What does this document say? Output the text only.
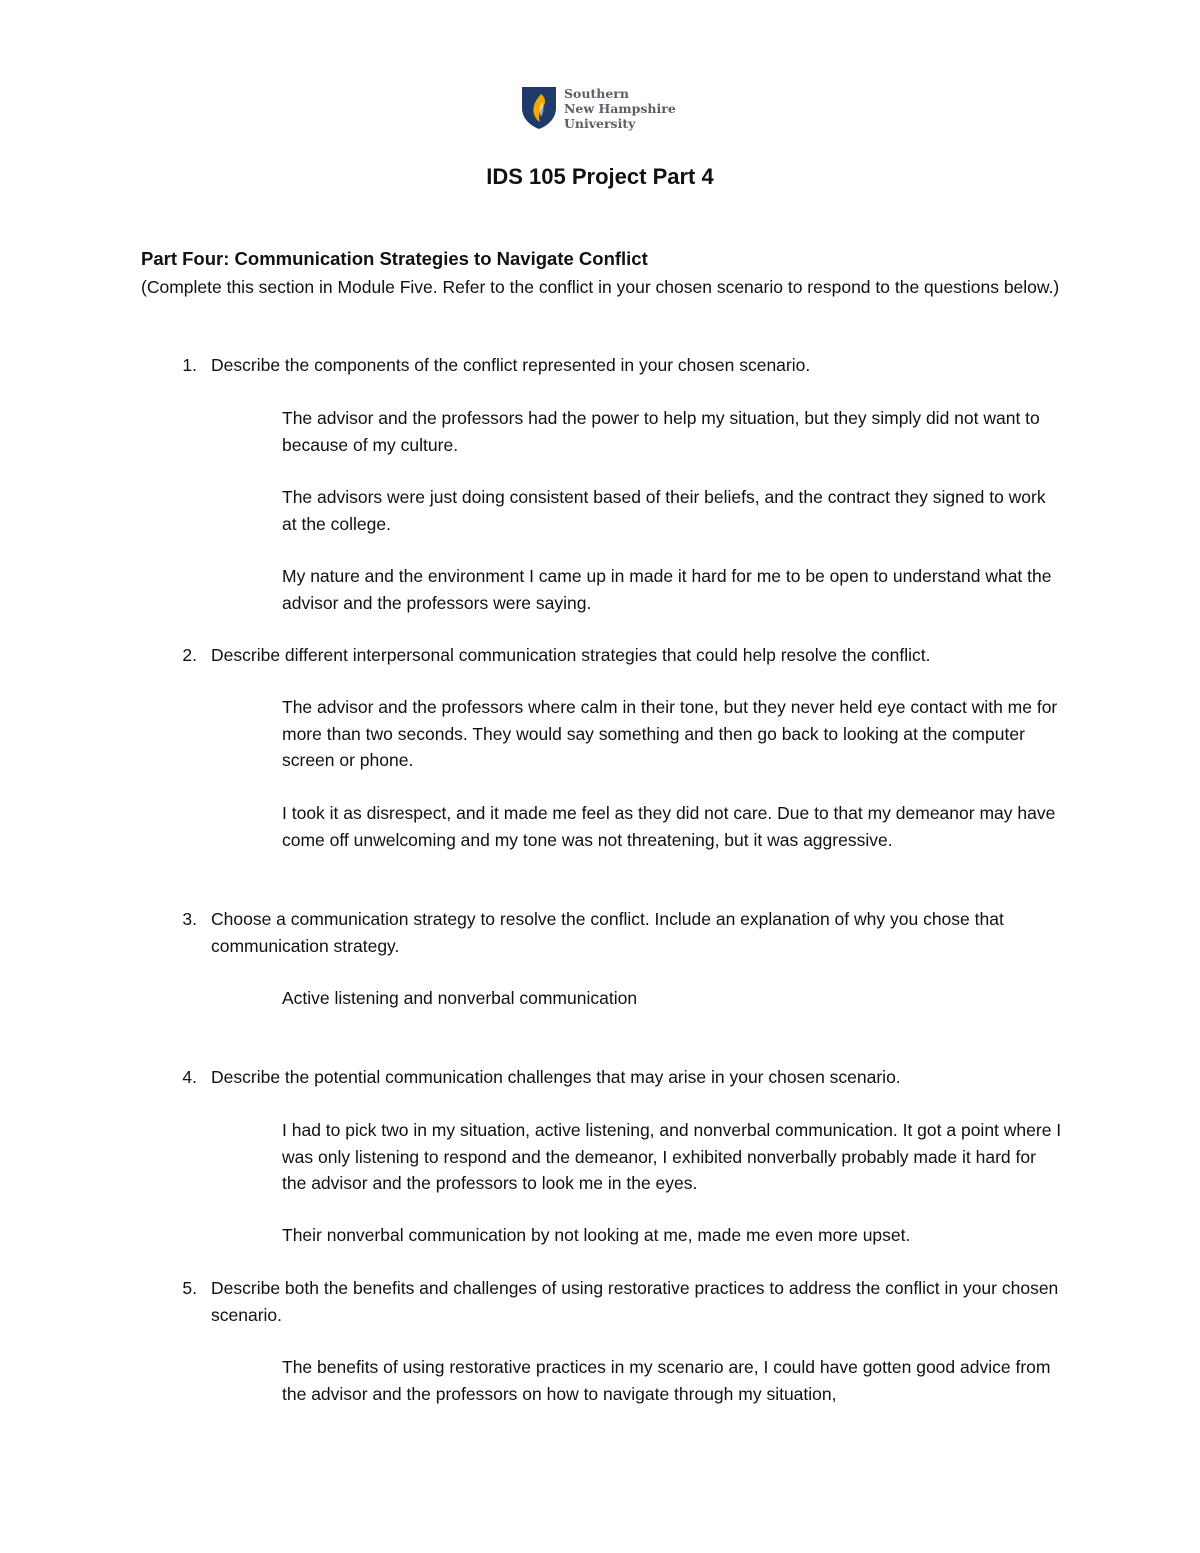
Southern
New Hampshire
University
IDS 105 Project Part 4
Part Four: Communication Strategies to Navigate Conflict
(Complete this section in Module Five. Refer to the conflict in your chosen scenario to respond to the questions below.)
1. Describe the components of the conflict represented in your chosen scenario.
The advisor and the professors had the power to help my situation, but they simply did not want to because of my culture.
The advisors were just doing consistent based of their beliefs, and the contract they signed to work at the college.
My nature and the environment I came up in made it hard for me to be open to understand what the advisor and the professors were saying.
2. Describe different interpersonal communication strategies that could help resolve the conflict.
The advisor and the professors where calm in their tone, but they never held eye contact with me for more than two seconds. They would say something and then go back to looking at the computer screen or phone.
I took it as disrespect, and it made me feel as they did not care. Due to that my demeanor may have come off unwelcoming and my tone was not threatening, but it was aggressive.
3. Choose a communication strategy to resolve the conflict. Include an explanation of why you chose that communication strategy.
Active listening and nonverbal communication
4. Describe the potential communication challenges that may arise in your chosen scenario.
I had to pick two in my situation, active listening, and nonverbal communication. It got a point where I was only listening to respond and the demeanor, I exhibited nonverbally probably made it hard for the advisor and the professors to look me in the eyes.
Their nonverbal communication by not looking at me, made me even more upset.
5. Describe both the benefits and challenges of using restorative practices to address the conflict in your chosen scenario.
The benefits of using restorative practices in my scenario are, I could have gotten good advice from the advisor and the professors on how to navigate through my situation,
